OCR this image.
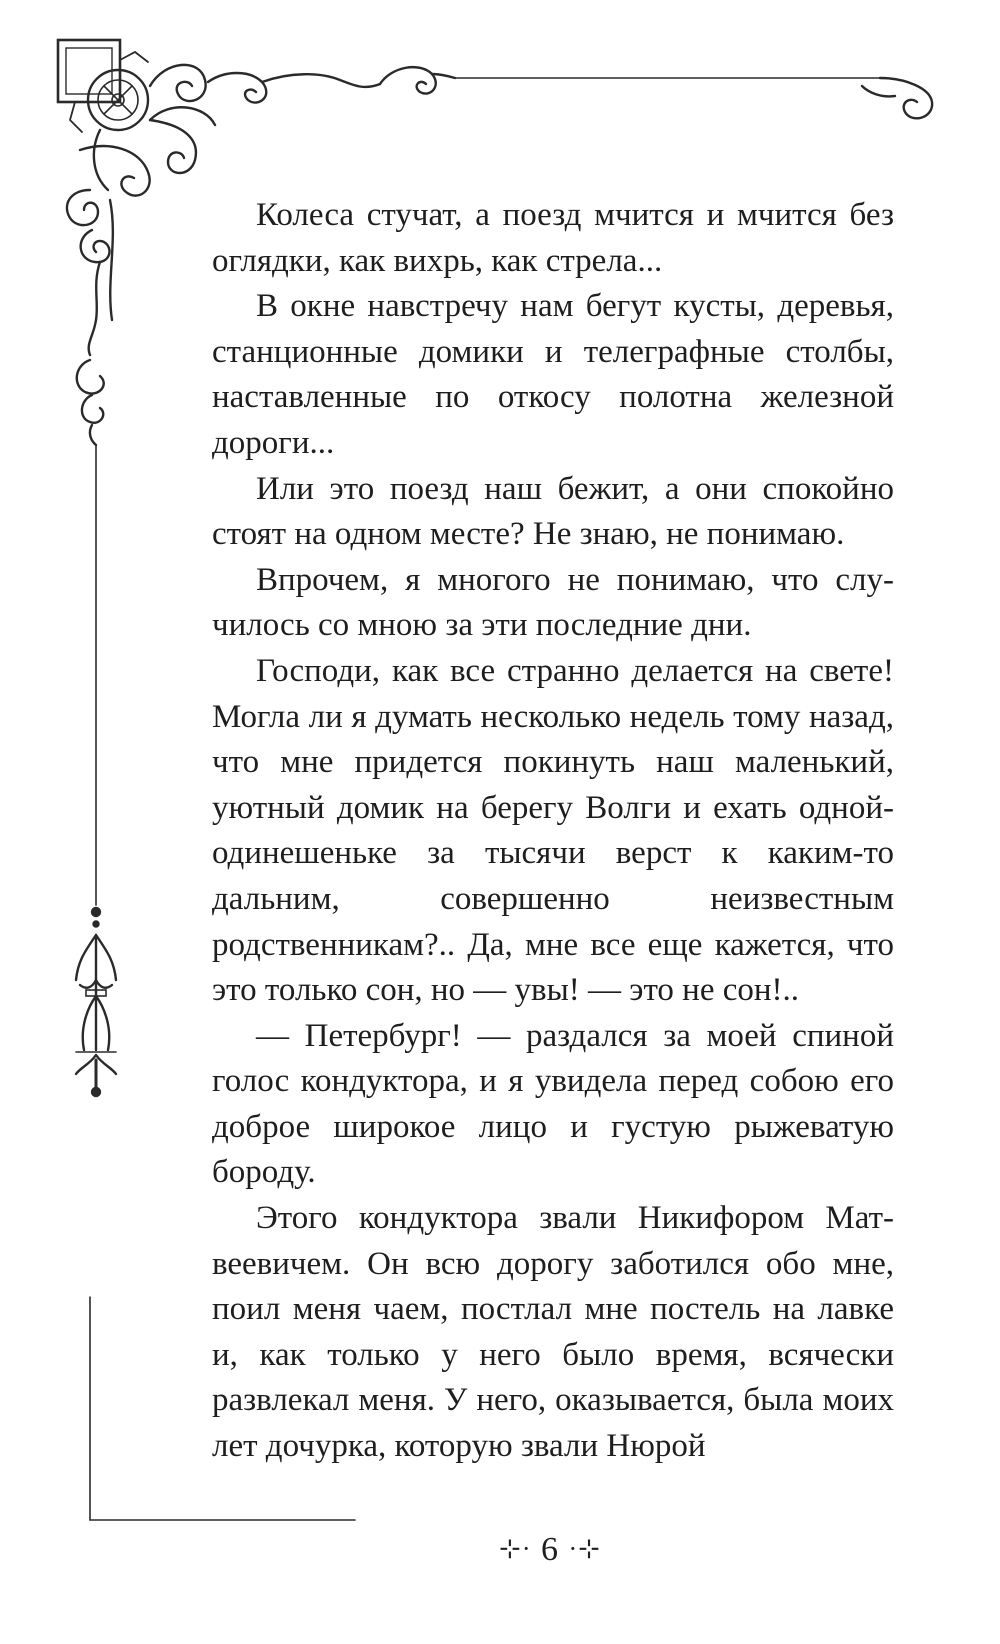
Колеса стучат, а поезд мчится и мчится без оглядки, как вихрь, как стрела...

В окне навстречу нам бегут кусты, деревья, станционные домики и телеграфные столбы, наставленные по откосу полотна железной дороги...

Или это поезд наш бежит, а они спокойно стоят на одном месте? Не знаю, не понимаю.

Впрочем, я многого не понимаю, что случилось со мною за эти последние дни.

Господи, как все странно делается на свете! Могла ли я думать несколько недель тому назад, что мне придется покинуть наш маленький, уютный домик на берегу Волги и ехать одной-одинешеньке за тысячи верст к каким-то дальним, совершенно неизвестным родственникам?.. Да, мне все еще кажется, что это только сон, но — увы! — это не сон!..

— Петербург! — раздался за моей спиной голос кондуктора, и я увидела перед собою его доброе широкое лицо и густую рыжеватую бороду.

Этого кондуктора звали Никифором Матвеевичем. Он всю дорогу заботился обо мне, поил меня чаем, постлал мне постель на лавке и, как только у него было время, всячески развлекал меня. У него, оказывается, была моих лет дочурка, которую звали Нюрой

⊹· 6 ·⊹
